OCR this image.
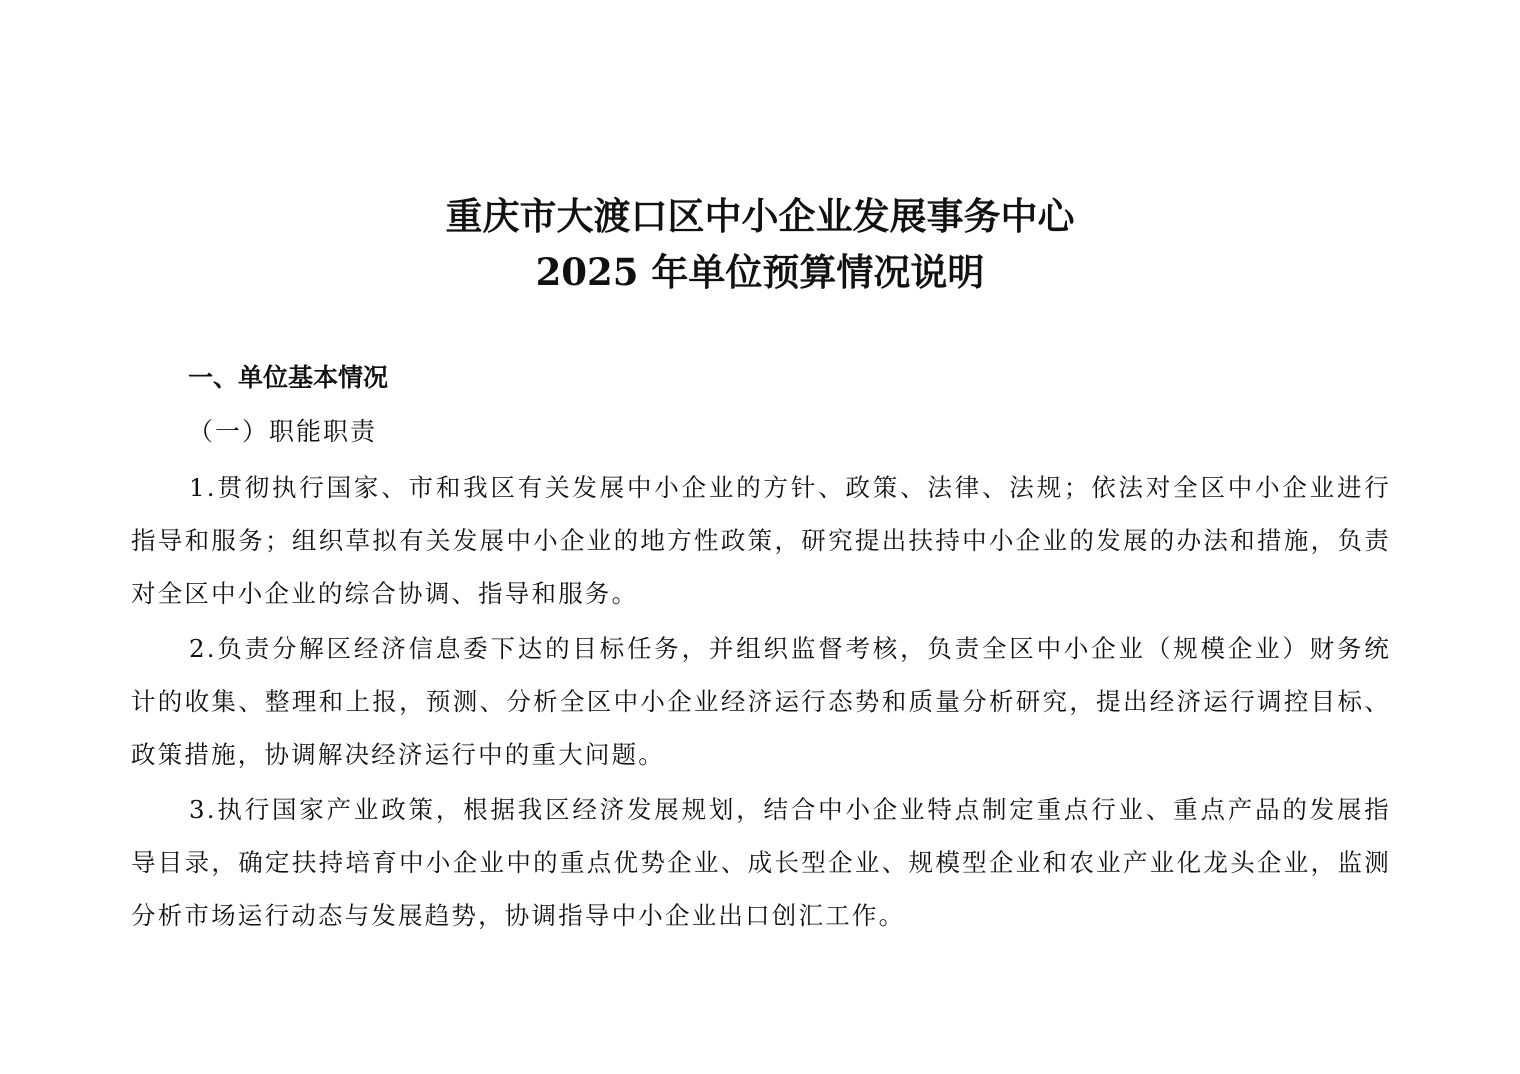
重庆市大渡口区中小企业发展事务中心
2025 年单位预算情况说明
一、单位基本情况
（一）职能职责

1.贯彻执行国家、市和我区有关发展中小企业的方针、政策、法律、法规；依法对全区中小企业进行指导和服务；组织草拟有关发展中小企业的地方性政策，研究提出扶持中小企业的发展的办法和措施，负责对全区中小企业的综合协调、指导和服务。

2.负责分解区经济信息委下达的目标任务，并组织监督考核，负责全区中小企业（规模企业）财务统计的收集、整理和上报，预测、分析全区中小企业经济运行态势和质量分析研究，提出经济运行调控目标、政策措施，协调解决经济运行中的重大问题。

3.执行国家产业政策，根据我区经济发展规划，结合中小企业特点制定重点行业、重点产品的发展指导目录，确定扶持培育中小企业中的重点优势企业、成长型企业、规模型企业和农业产业化龙头企业，监测分析市场运行动态与发展趋势，协调指导中小企业出口创汇工作。
